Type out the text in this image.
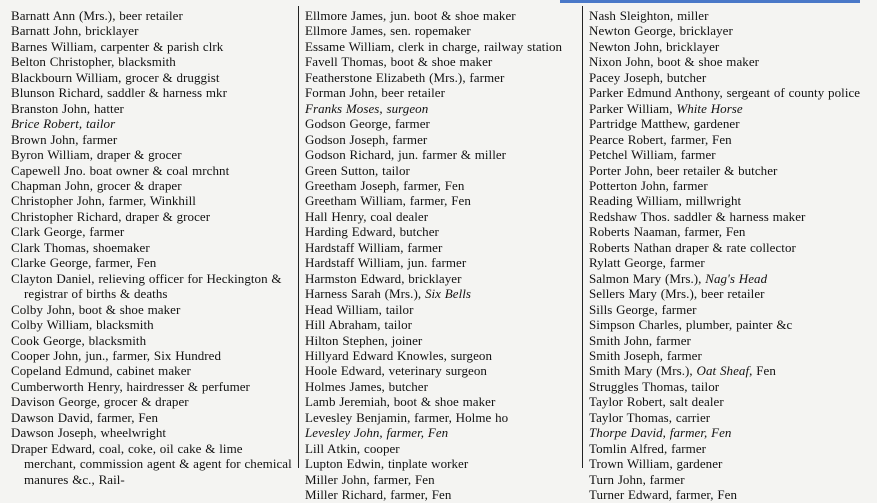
Barnatt Ann (Mrs.), beer retailer
Barnatt John, bricklayer
Barnes William, carpenter & parish clrk
Belton Christopher, blacksmith
Blackbourn William, grocer & druggist
Blunson Richard, saddler & harness mkr
Branston John, hatter
Brice Robert, tailor
Brown John, farmer
Byron William, draper & grocer
Capewell Jno. boat owner & coal mrchnt
Chapman John, grocer & draper
Christopher John, farmer, Winkhill
Christopher Richard, draper & grocer
Clark George, farmer
Clark Thomas, shoemaker
Clarke George, farmer, Fen
Clayton Daniel, relieving officer for Heckington & registrar of births & deaths
Colby John, boot & shoe maker
Colby William, blacksmith
Cook George, blacksmith
Cooper John, jun., farmer, Six Hundred
Copeland Edmund, cabinet maker
Cumberworth Henry, hairdresser & perfumer
Davison George, grocer & draper
Dawson David, farmer, Fen
Dawson Joseph, wheelwright
Draper Edward, coal, coke, oil cake & lime merchant, commission agent & agent for chemical manures &c., Rail-
Ellmore James, jun. boot & shoe maker
Ellmore James, sen. ropemaker
Essame William, clerk in charge, railway station
Favell Thomas, boot & shoe maker
Featherstone Elizabeth (Mrs.), farmer
Forman John, beer retailer
Franks Moses, surgeon
Godson George, farmer
Godson Joseph, farmer
Godson Richard, jun. farmer & miller
Green Sutton, tailor
Greetham Joseph, farmer, Fen
Greetham William, farmer, Fen
Hall Henry, coal dealer
Harding Edward, butcher
Hardstaff William, farmer
Hardstaff William, jun. farmer
Harmston Edward, bricklayer
Harness Sarah (Mrs.), Six Bells
Head William, tailor
Hill Abraham, tailor
Hilton Stephen, joiner
Hillyard Edward Knowles, surgeon
Hoole Edward, veterinary surgeon
Holmes James, butcher
Lamb Jeremiah, boot & shoe maker
Levesley Benjamin, farmer, Holme ho
Levesley John, farmer, Fen
Lill Atkin, cooper
Lupton Edwin, tinplate worker
Miller John, farmer, Fen
Miller Richard, farmer, Fen
Nash Sleighton, miller
Newton George, bricklayer
Newton John, bricklayer
Nixon John, boot & shoe maker
Pacey Joseph, butcher
Parker Edmund Anthony, sergeant of county police
Parker William, White Horse
Partridge Matthew, gardener
Pearce Robert, farmer, Fen
Petchel William, farmer
Porter John, beer retailer & butcher
Potterton John, farmer
Reading William, millwright
Redshaw Thos. saddler & harness maker
Roberts Naaman, farmer, Fen
Roberts Nathan draper & rate collector
Rylatt George, farmer
Salmon Mary (Mrs.), Nag's Head
Sellers Mary (Mrs.), beer retailer
Sills George, farmer
Simpson Charles, plumber, painter &c
Smith John, farmer
Smith Joseph, farmer
Smith Mary (Mrs.), Oat Sheaf, Fen
Struggles Thomas, tailor
Taylor Robert, salt dealer
Taylor Thomas, carrier
Thorpe David, farmer, Fen
Tomlin Alfred, farmer
Trown William, gardener
Turn John, farmer
Turner Edward, farmer, Fen
